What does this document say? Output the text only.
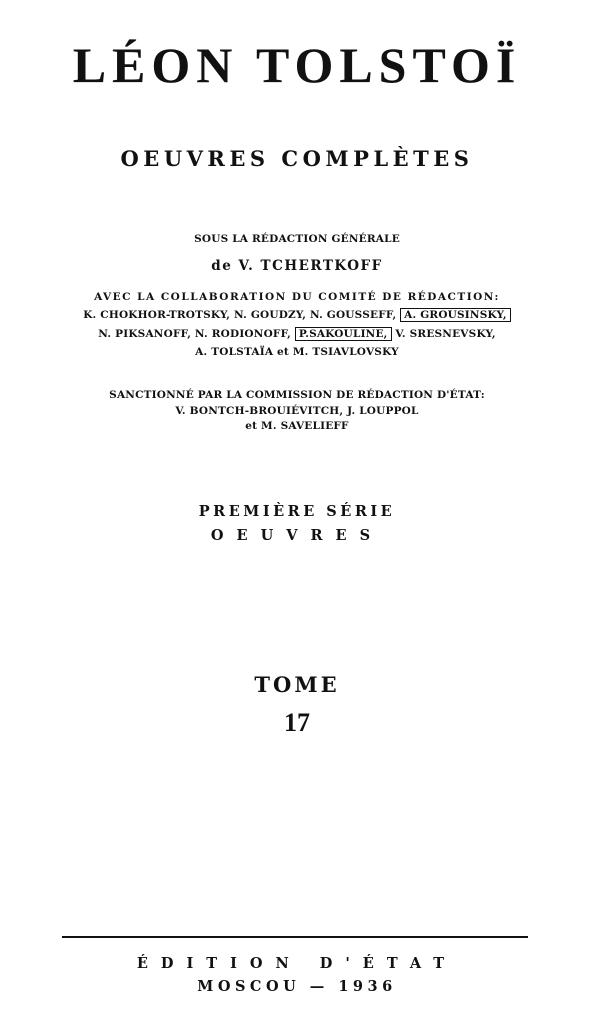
LÉON TOLSTOÏ
OEUVRES COMPLÈTES
SOUS LA RÉDACTION GÉNÉRALE
de V. TCHERTKOFF
AVEC LA COLLABORATION DU COMITÉ DE RÉDACTION:
K. CHOKHOR-TROTSKY, N. GOUDZY, N. GOUSSEFF, A. GROUSINSKY,
N. PIKSANOFF, N. RODIONOFF, P.SAKOULINE, V. SRESNEVSKY,
A. TOLSTAÏA et M. TSIAVLOVSKY
SANCTIONNÉ PAR LA COMMISSION DE RÉDACTION D'ÉTAT:
V. BONTCH-BROUIÉVITCH, J. LOUPPOL
et M. SAVELIEFF
PREMIÈRE SÉRIE
OEUVRES
TOME
17
ÉDITION D'ÉTAT
MOSCOU — 1936
